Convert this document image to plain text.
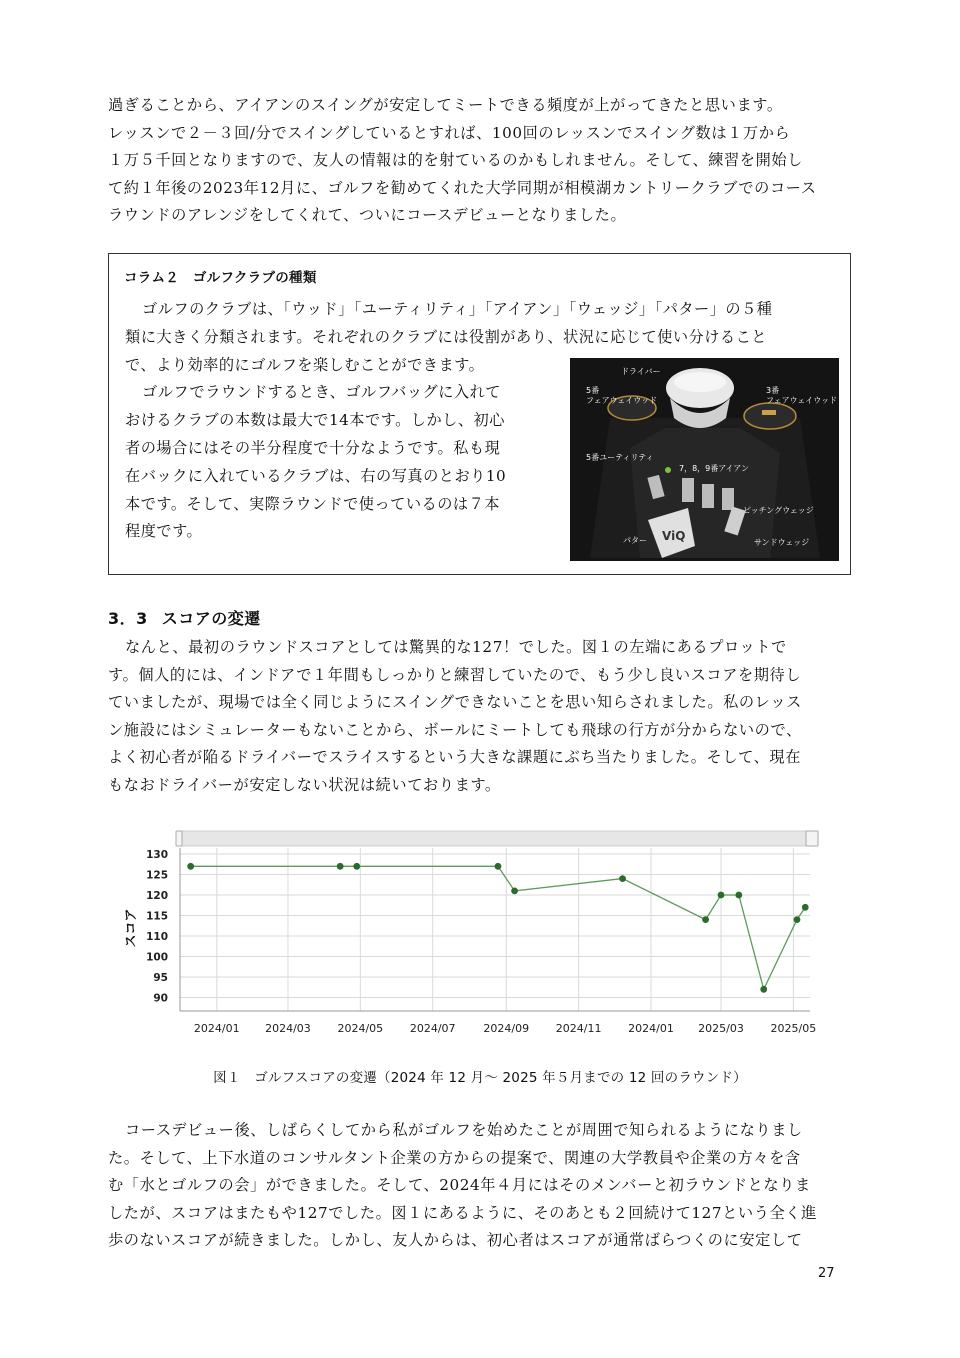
過ぎることから、アイアンのスイングが安定してミートできる頻度が上がってきたと思います。
レッスンで２－３回/分でスイングしているとすれば、100回のレッスンでスイング数は１万から
１万５千回となりますので、友人の情報は的を射ているのかもしれません。そして、練習を開始し
て約１年後の2023年12月に、ゴルフを勧めてくれた大学同期が相模湖カントリークラブでのコース
ラウンドのアレンジをしてくれて、ついにコースデビューとなりました。
コラム２　ゴルフクラブの種類
ゴルフのクラブは、「ウッド」「ユーティリティ」「アイアン」「ウェッジ」「パター」の５種
類に大きく分類されます。それぞれのクラブには役割があり、状況に応じて使い分けること
で、より効率的にゴルフを楽しむことができます。
ゴルフでラウンドするとき、ゴルフバッグに入れて
おけるクラブの本数は最大で14本です。しかし、初心
者の場合にはその半分程度で十分なようです。私も現
在バックに入れているクラブは、右の写真のとおり10
本です。そして、実際ラウンドで使っているのは７本
程度です。	ViQ
ドライバー
5番
フェアウェイウッド
3番
フェアウェイウッド
5番ユーティリティ
7，8，9番アイアン
ピッチングウェッジ
パター	サンドウェッジ
3．3 スコアの変遷
なんと、最初のラウンドスコアとしては驚異的な127！でした。図１の左端にあるプロットで
す。個人的には、インドアで１年間もしっかりと練習していたので、もう少し良いスコアを期待し
ていましたが、現場では全く同じようにスイングできないことを思い知らされました。私のレッス
ン施設にはシミュレーターもないことから、ボールにミートしても飛球の行方が分からないので、
よく初心者が陥るドライバーでスライスするという大きな課題にぶち当たりました。そして、現在
もなおドライバーが安定しない状況は続いております。
130
125
120
115
110
100
95
90
2024/01 2024/03 2024/05 2024/07	2024/09 2024/11 2024/01 2025/03 2025/05
スコア
図１　ゴルフスコアの変遷（2024 年 12 月～ 2025 年５月までの 12 回のラウンド）
コースデビュー後、しばらくしてから私がゴルフを始めたことが周囲で知られるようになりまし
た。そして、上下水道のコンサルタント企業の方からの提案で、関連の大学教員や企業の方々を含
む「水とゴルフの会」ができました。そして、2024年４月にはそのメンバーと初ラウンドとなりま
したが、スコアはまたもや127でした。図１にあるように、そのあとも２回続けて127という全く進
歩のないスコアが続きました。しかし、友人からは、初心者はスコアが通常ばらつくのに安定して
27
